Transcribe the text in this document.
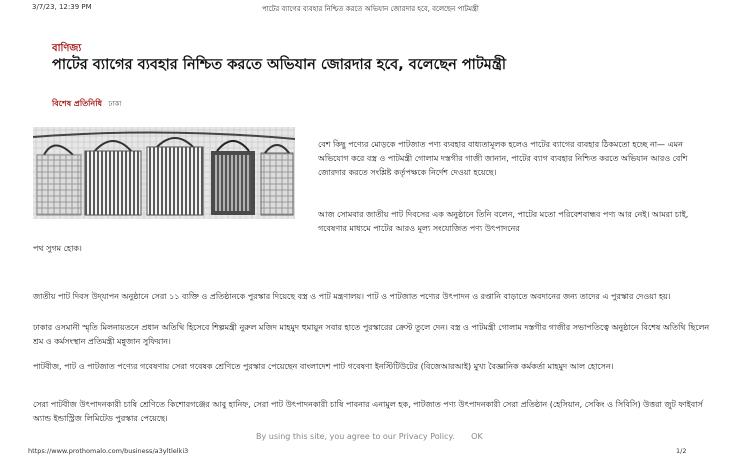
3/7/23, 12:39 PM	পাটের ব্যাগের ব্যবহার নিশ্চিত করতে অভিযান জোরদার হবে, বলেছেন পাটমন্ত্রী
বাণিজ্য
পাটের ব্যাগের ব্যবহার নিশ্চিত করতে অভিযান জোরদার হবে, বলেছেন পাটমন্ত্রী
বিশেষ প্রতিনিধি ঢাকা

বেশ কিছু পণ্যের মোড়কে পাটজাত পণ্য ব্যবহার বাধ্যতামূলক হলেও পাটের ব্যাগের ব্যবহার ঠিকমতো হচ্ছে না— এমন অভিযোগ করে বস্ত্র ও পাটমন্ত্রী গোলাম দস্তগীর গাজী জানান, পাটের ব্যাগ ব্যবহার নিশ্চিত করতে অভিযান আরও বেশি জোরদার করতে সংশ্লিষ্ট কর্তৃপক্ষকে নির্দেশ দেওয়া হয়েছে।

আজ সোমবার জাতীয় পাট দিবসের এক অনুষ্ঠানে তিনি বলেন, পাটের মতো পরিবেশবান্ধব পণ্য আর নেই। আমরা চাই, গবেষণার মাধ্যমে পাটের আরও মূল্য সংযোজিত পণ্য উৎপাদনের

পথ সুগম হোক।

জাতীয় পাট দিবস উদ্‌যাপন অনুষ্ঠানে সেরা ১১ ব্যক্তি ও প্রতিষ্ঠানকে পুরস্কার দিয়েছে বস্ত্র ও পাট মন্ত্রণালয়। পাট ও পাটজাত পণ্যের উৎপাদন ও রপ্তানি বাড়াতে অবদানের জন্য তাদের এ পুরস্কার দেওয়া হয়।

ঢাকার ওসমানী স্মৃতি মিলনায়তনে প্রধান অতিথি হিসেবে শিল্পমন্ত্রী নুরুল মজিদ মাহমুদ হুমায়ুন সবার হাতে পুরস্কারের ক্রেস্ট তুলে দেন। বস্ত্র ও পাটমন্ত্রী গোলাম দস্তগীর গাজীর সভাপতিত্বে অনুষ্ঠানে বিশেষ অতিথি ছিলেন শ্রম ও কর্মসংস্থান প্রতিমন্ত্রী মন্নুজান সুফিয়ান।

পাটবীজ, পাট ও পাটজাত পণ্যের গবেষণায় সেরা গবেষক শ্রেণিতে পুরস্কার পেয়েছেন বাংলাদেশ পাট গবেষণা ইনস্টিটিউটের (বিজেআরআই) মুখ্য বৈজ্ঞানিক কর্মকর্তা মাহমুদ আল হোসেন।

সেরা পাটবীজ উৎপাদনকারী চাষি শ্রেণিতে কিশোরগঞ্জের আবু হানিফ, সেরা পাট উৎপাদনকারী চাষি পাবনার এনামুল হক, পাটজাত পণ্য উৎপাদনকারী সেরা প্রতিষ্ঠান (হেসিয়ান, সেকিং ও সিবিসি) উত্তরা জুট ফাইবার্স অ্যান্ড ইন্ডাস্ট্রিজ লিমিটেড পুরস্কার পেয়েছে।

By using this site, you agree to our Privacy Policy. OK
https://www.prothomalo.com/business/a3yltlelki3	1/2
